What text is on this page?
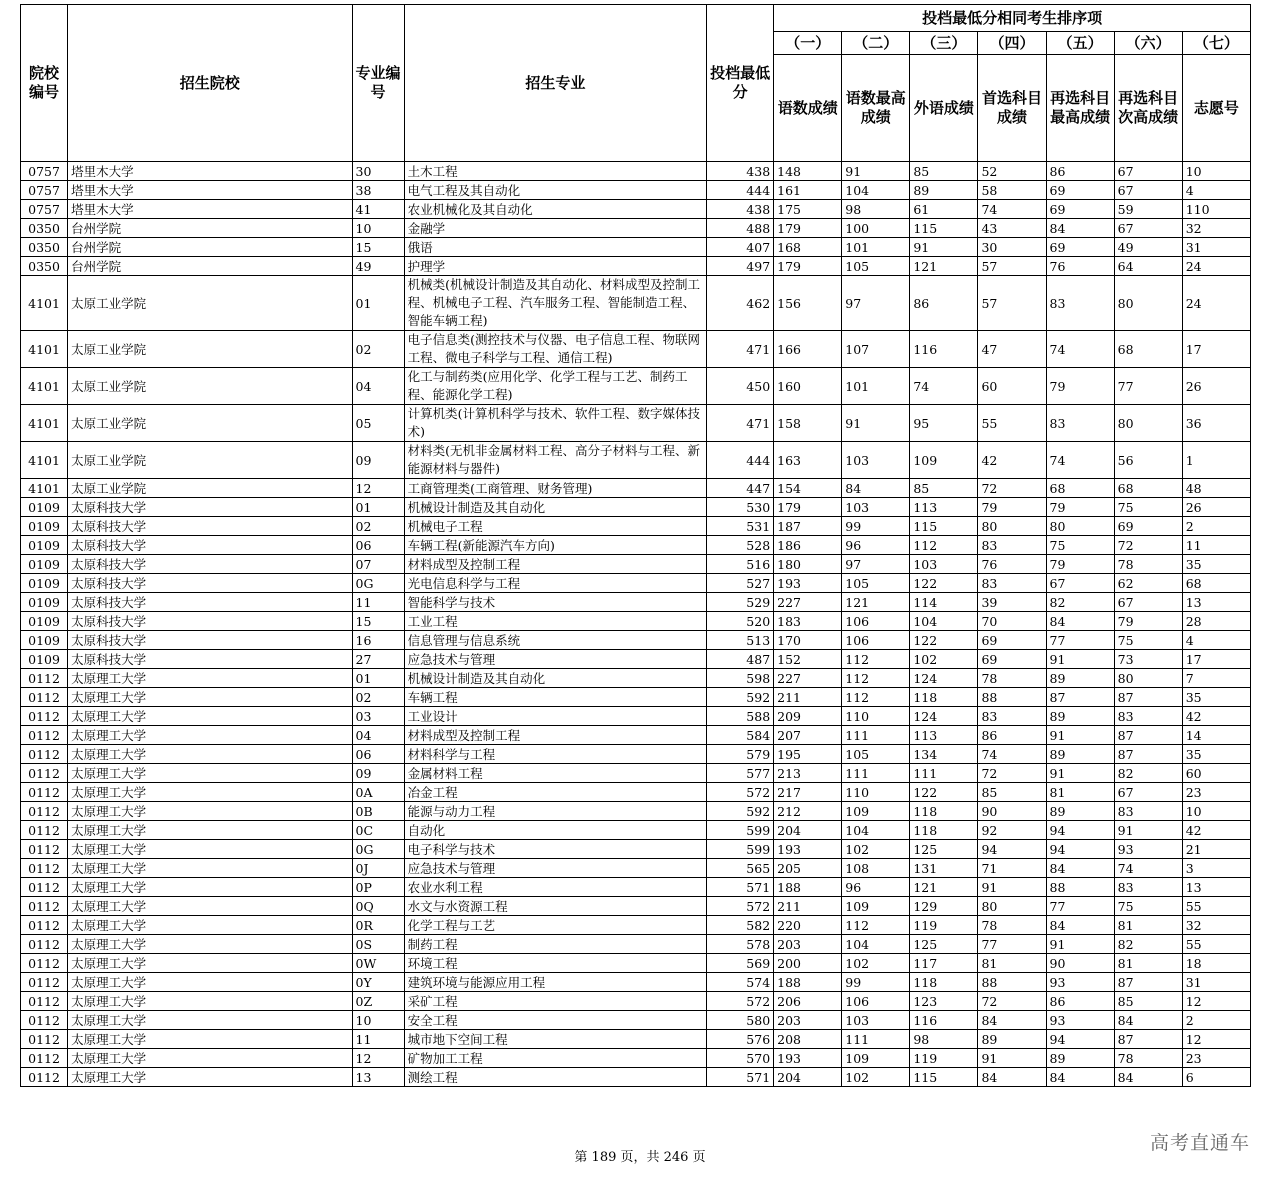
院校编号	招生院校	专业编号	招生专业	投档最低分	投档最低分相同考生排序项						
					（一）	（二）	（三）	（四）	（五）	（六）	（七）
					语数成绩	语数最高成绩	外语成绩	首选科目成绩	再选科目最高成绩	再选科目次高成绩	志愿号
0757	塔里木大学	30	土木工程	438	148	91	85	52	86	67	10
0757	塔里木大学	38	电气工程及其自动化	444	161	104	89	58	69	67	4
0757	塔里木大学	41	农业机械化及其自动化	438	175	98	61	74	69	59	110
0350	台州学院	10	金融学	488	179	100	115	43	84	67	32
0350	台州学院	15	俄语	407	168	101	91	30	69	49	31
0350	台州学院	49	护理学	497	179	105	121	57	76	64	24
4101	太原工业学院	01	机械类(机械设计制造及其自动化、材料成型及控制工程、机械电子工程、汽车服务工程、智能制造工程、智能车辆工程)	462	156	97	86	57	83	80	24
4101	太原工业学院	02	电子信息类(测控技术与仪器、电子信息工程、物联网工程、微电子科学与工程、通信工程)	471	166	107	116	47	74	68	17
4101	太原工业学院	04	化工与制药类(应用化学、化学工程与工艺、制药工程、能源化学工程)	450	160	101	74	60	79	77	26
4101	太原工业学院	05	计算机类(计算机科学与技术、软件工程、数字媒体技术)	471	158	91	95	55	83	80	36
4101	太原工业学院	09	材料类(无机非金属材料工程、高分子材料与工程、新能源材料与器件)	444	163	103	109	42	74	56	1
4101	太原工业学院	12	工商管理类(工商管理、财务管理)	447	154	84	85	72	68	68	48
0109	太原科技大学	01	机械设计制造及其自动化	530	179	103	113	79	79	75	26
0109	太原科技大学	02	机械电子工程	531	187	99	115	80	80	69	2
0109	太原科技大学	06	车辆工程(新能源汽车方向)	528	186	96	112	83	75	72	11
0109	太原科技大学	07	材料成型及控制工程	516	180	97	103	76	79	78	35
0109	太原科技大学	0G	光电信息科学与工程	527	193	105	122	83	67	62	68
0109	太原科技大学	11	智能科学与技术	529	227	121	114	39	82	67	13
0109	太原科技大学	15	工业工程	520	183	106	104	70	84	79	28
0109	太原科技大学	16	信息管理与信息系统	513	170	106	122	69	77	75	4
0109	太原科技大学	27	应急技术与管理	487	152	112	102	69	91	73	17
0112	太原理工大学	01	机械设计制造及其自动化	598	227	112	124	78	89	80	7
0112	太原理工大学	02	车辆工程	592	211	112	118	88	87	87	35
0112	太原理工大学	03	工业设计	588	209	110	124	83	89	83	42
0112	太原理工大学	04	材料成型及控制工程	584	207	111	113	86	91	87	14
0112	太原理工大学	06	材料科学与工程	579	195	105	134	74	89	87	35
0112	太原理工大学	09	金属材料工程	577	213	111	111	72	91	82	60
0112	太原理工大学	0A	冶金工程	572	217	110	122	85	81	67	23
0112	太原理工大学	0B	能源与动力工程	592	212	109	118	90	89	83	10
0112	太原理工大学	0C	自动化	599	204	104	118	92	94	91	42
0112	太原理工大学	0G	电子科学与技术	599	193	102	125	94	94	93	21
0112	太原理工大学	0J	应急技术与管理	565	205	108	131	71	84	74	3
0112	太原理工大学	0P	农业水利工程	571	188	96	121	91	88	83	13
0112	太原理工大学	0Q	水文与水资源工程	572	211	109	129	80	77	75	55
0112	太原理工大学	0R	化学工程与工艺	582	220	112	119	78	84	81	32
0112	太原理工大学	0S	制药工程	578	203	104	125	77	91	82	55
0112	太原理工大学	0W	环境工程	569	200	102	117	81	90	81	18
0112	太原理工大学	0Y	建筑环境与能源应用工程	574	188	99	118	88	93	87	31
0112	太原理工大学	0Z	采矿工程	572	206	106	123	72	86	85	12
0112	太原理工大学	10	安全工程	580	203	103	116	84	93	84	2
0112	太原理工大学	11	城市地下空间工程	576	208	111	98	89	94	87	12
0112	太原理工大学	12	矿物加工工程	570	193	109	119	91	89	78	23
0112	太原理工大学	13	测绘工程	571	204	102	115	84	84	84	6
第 189 页，共 246 页
高考直通车
